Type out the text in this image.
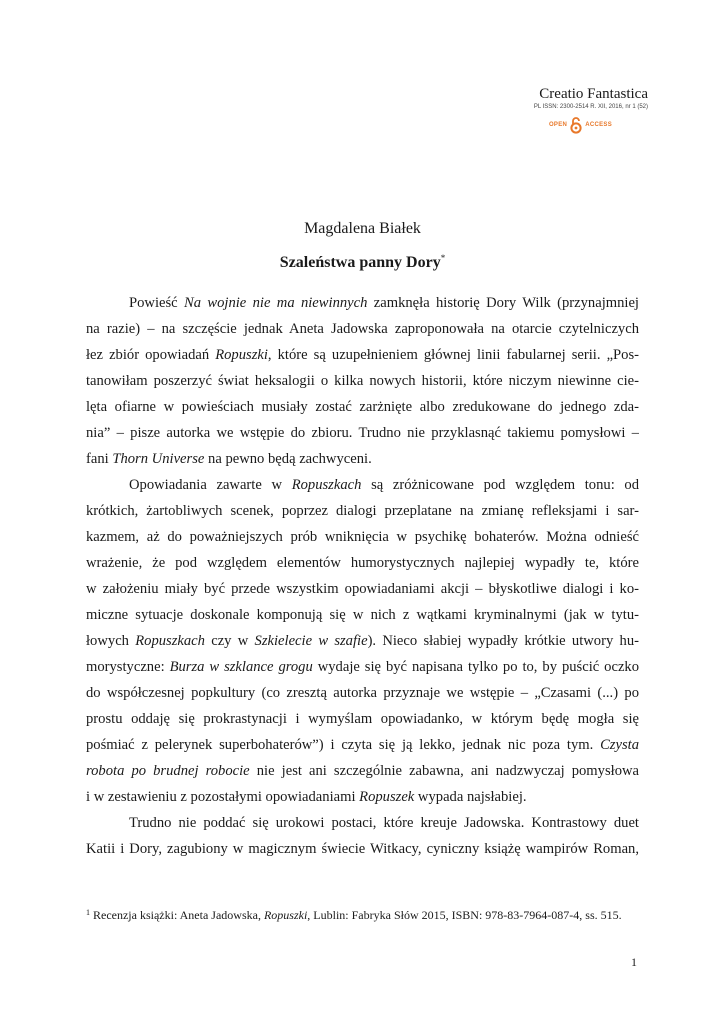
Creatio Fantastica
PL ISSN: 2300-2514 R. XII, 2016, nr 1 (52)
OPEN	ACCESS
Magdalena Białek
Szaleństwa panny Dory*
Powieść Na wojnie nie ma niewinnych zamknęła historię Dory Wilk (przynajmniej
na razie) – na szczęście jednak Aneta Jadowska zaproponowała na otarcie czytelniczych
łez zbiór opowiadań Ropuszki, które są uzupełnieniem głównej linii fabularnej serii. „Pos-
tanowiłam poszerzyć świat heksalogii o kilka nowych historii, które niczym niewinne cie-
lęta ofiarne w powieściach musiały zostać zarżnięte albo zredukowane do jednego zda-
nia” – pisze autorka we wstępie do zbioru. Trudno nie przyklasnąć takiemu pomysłowi –
fani Thorn Universe na pewno będą zachwyceni.
Opowiadania zawarte w Ropuszkach są zróżnicowane pod względem tonu: od
krótkich, żartobliwych scenek, poprzez dialogi przeplatane na zmianę refleksjami i sar-
kazmem, aż do poważniejszych prób wniknięcia w psychikę bohaterów. Można odnieść
wrażenie, że pod względem elementów humorystycznych najlepiej wypadły te, które
w założeniu miały być przede wszystkim opowiadaniami akcji – błyskotliwe dialogi i ko-
miczne sytuacje doskonale komponują się w nich z wątkami kryminalnymi (jak w tytu-
łowych Ropuszkach czy w Szkielecie w szafie). Nieco słabiej wypadły krótkie utwory hu-
morystyczne: Burza w szklance grogu wydaje się być napisana tylko po to, by puścić oczko
do współczesnej popkultury (co zresztą autorka przyznaje we wstępie – „Czasami (...) po
prostu oddaję się prokrastynacji i wymyślam opowiadanko, w którym będę mogła się
pośmiać z pelerynek superbohaterów”) i czyta się ją lekko, jednak nic poza tym. Czysta
robota po brudnej robocie nie jest ani szczególnie zabawna, ani nadzwyczaj pomysłowa
i w zestawieniu z pozostałymi opowiadaniami Ropuszek wypada najsłabiej.
Trudno nie poddać się urokowi postaci, które kreuje Jadowska. Kontrastowy duet
Katii i Dory, zagubiony w magicznym świecie Witkacy, cyniczny książę wampirów Roman,
$^1$ Recenzja książki: Aneta Jadowska, Ropuszki, Lublin: Fabryka Słów 2015, ISBN: 978-83-7964-087-4, ss. 515.
1
